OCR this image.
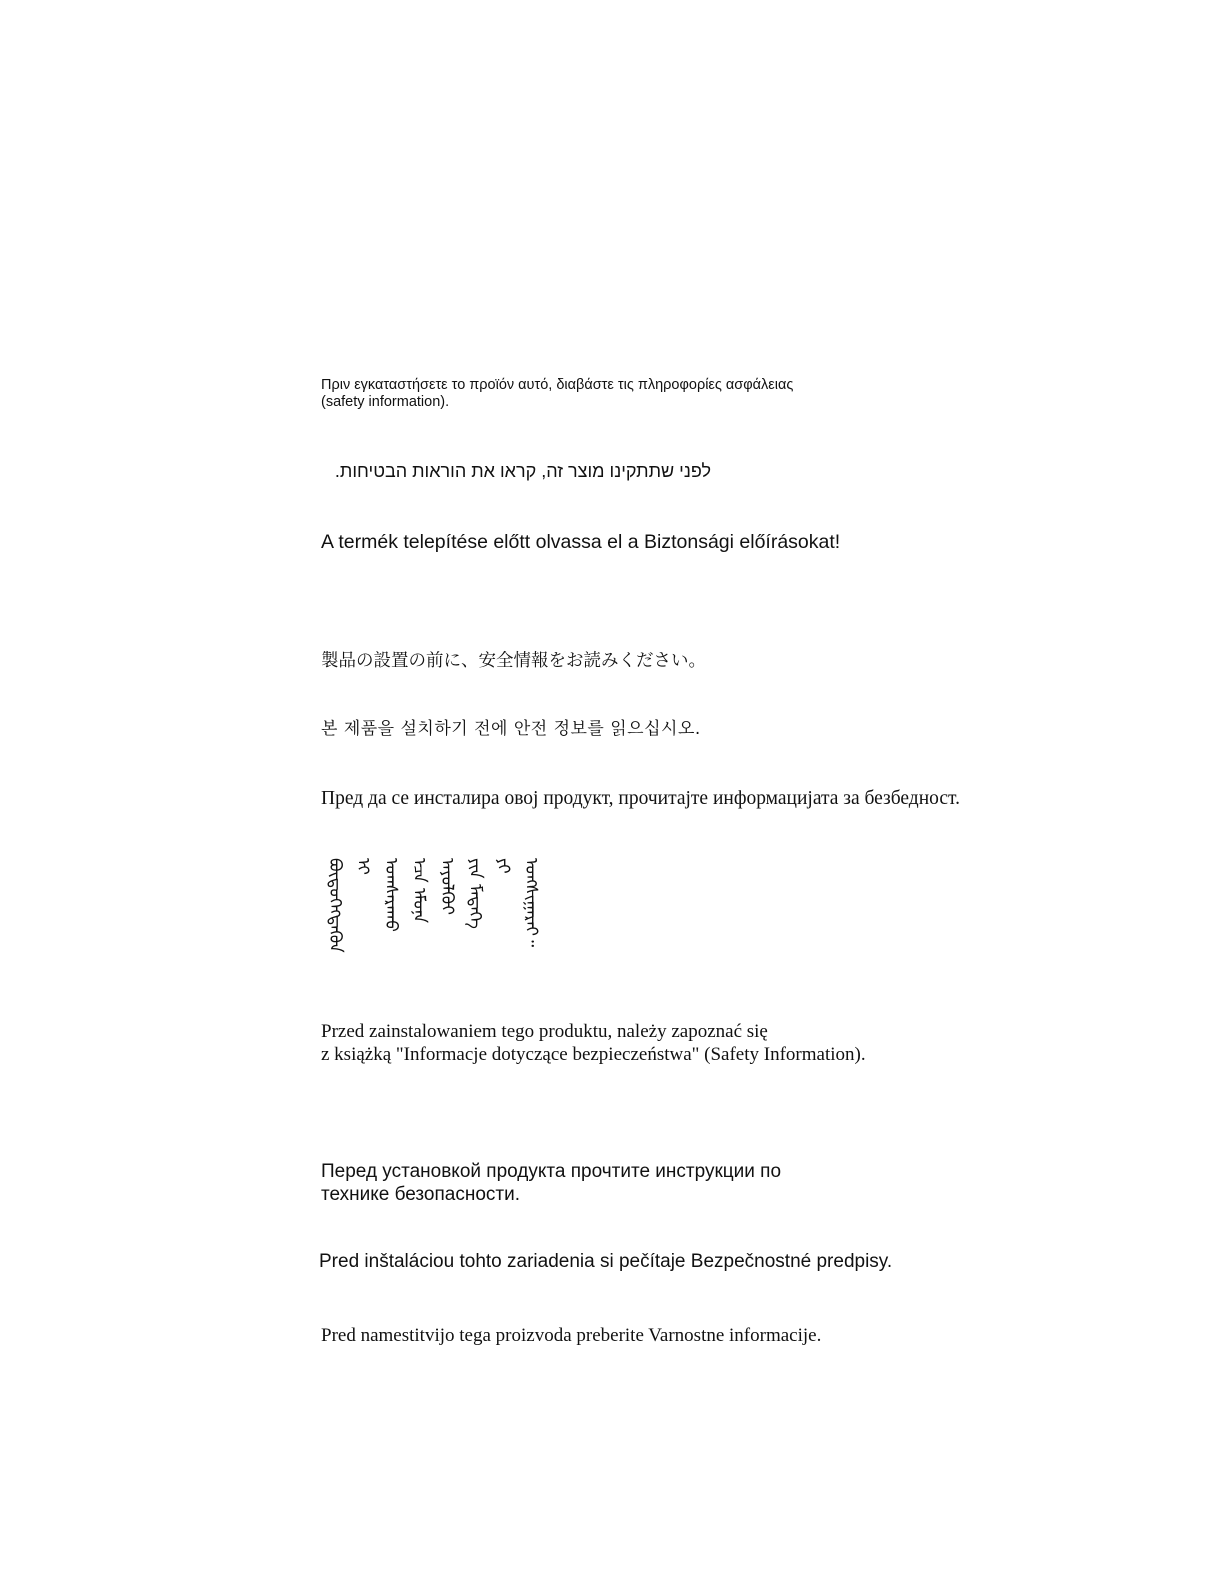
Πριν εγκαταστήσετε το προϊόν αυτό, διαβάστε τις πληροφορίες ασφάλειας
(safety information).

לפני שתתקינו מוצר זה, קראו את הוראות הבטיחות.

A termék telepítése előtt olvassa el a Biztonsági előírásokat!

製品の設置の前に、安全情報をお読みください。

본 제품을 설치하기 전에 안전 정보를 읽으십시오.

Пред да се инсталира овој продукт, прочитајте информацијата за безбедност.

ᠪᠦᠲᠦᠭᠡᠭᠳᠡᠬᠦᠨ ᠢ ᠤᠭᠰᠠᠷᠠᠬᠤ ᠡᠴᠡ ᠡᠮᠦᠨᠡ ᠠᠶᠤᠯᠭᠦᠢ ᠶᠢᠨ ᠮᠡᠳᠡᠭᠡ ᠶᠢ ᠤᠩᠰᠢᠭᠠᠷᠠᠢ᠃

Przed zainstalowaniem tego produktu, należy zapoznać się
z książką "Informacje dotyczące bezpieczeństwa" (Safety Information).

Перед установкой продукта прочтите инструкции по
технике безопасности.

Pred inštaláciou tohto zariadenia si pečítaje Bezpečnostné predpisy.

Pred namestitvijo tega proizvoda preberite Varnostne informacije.
